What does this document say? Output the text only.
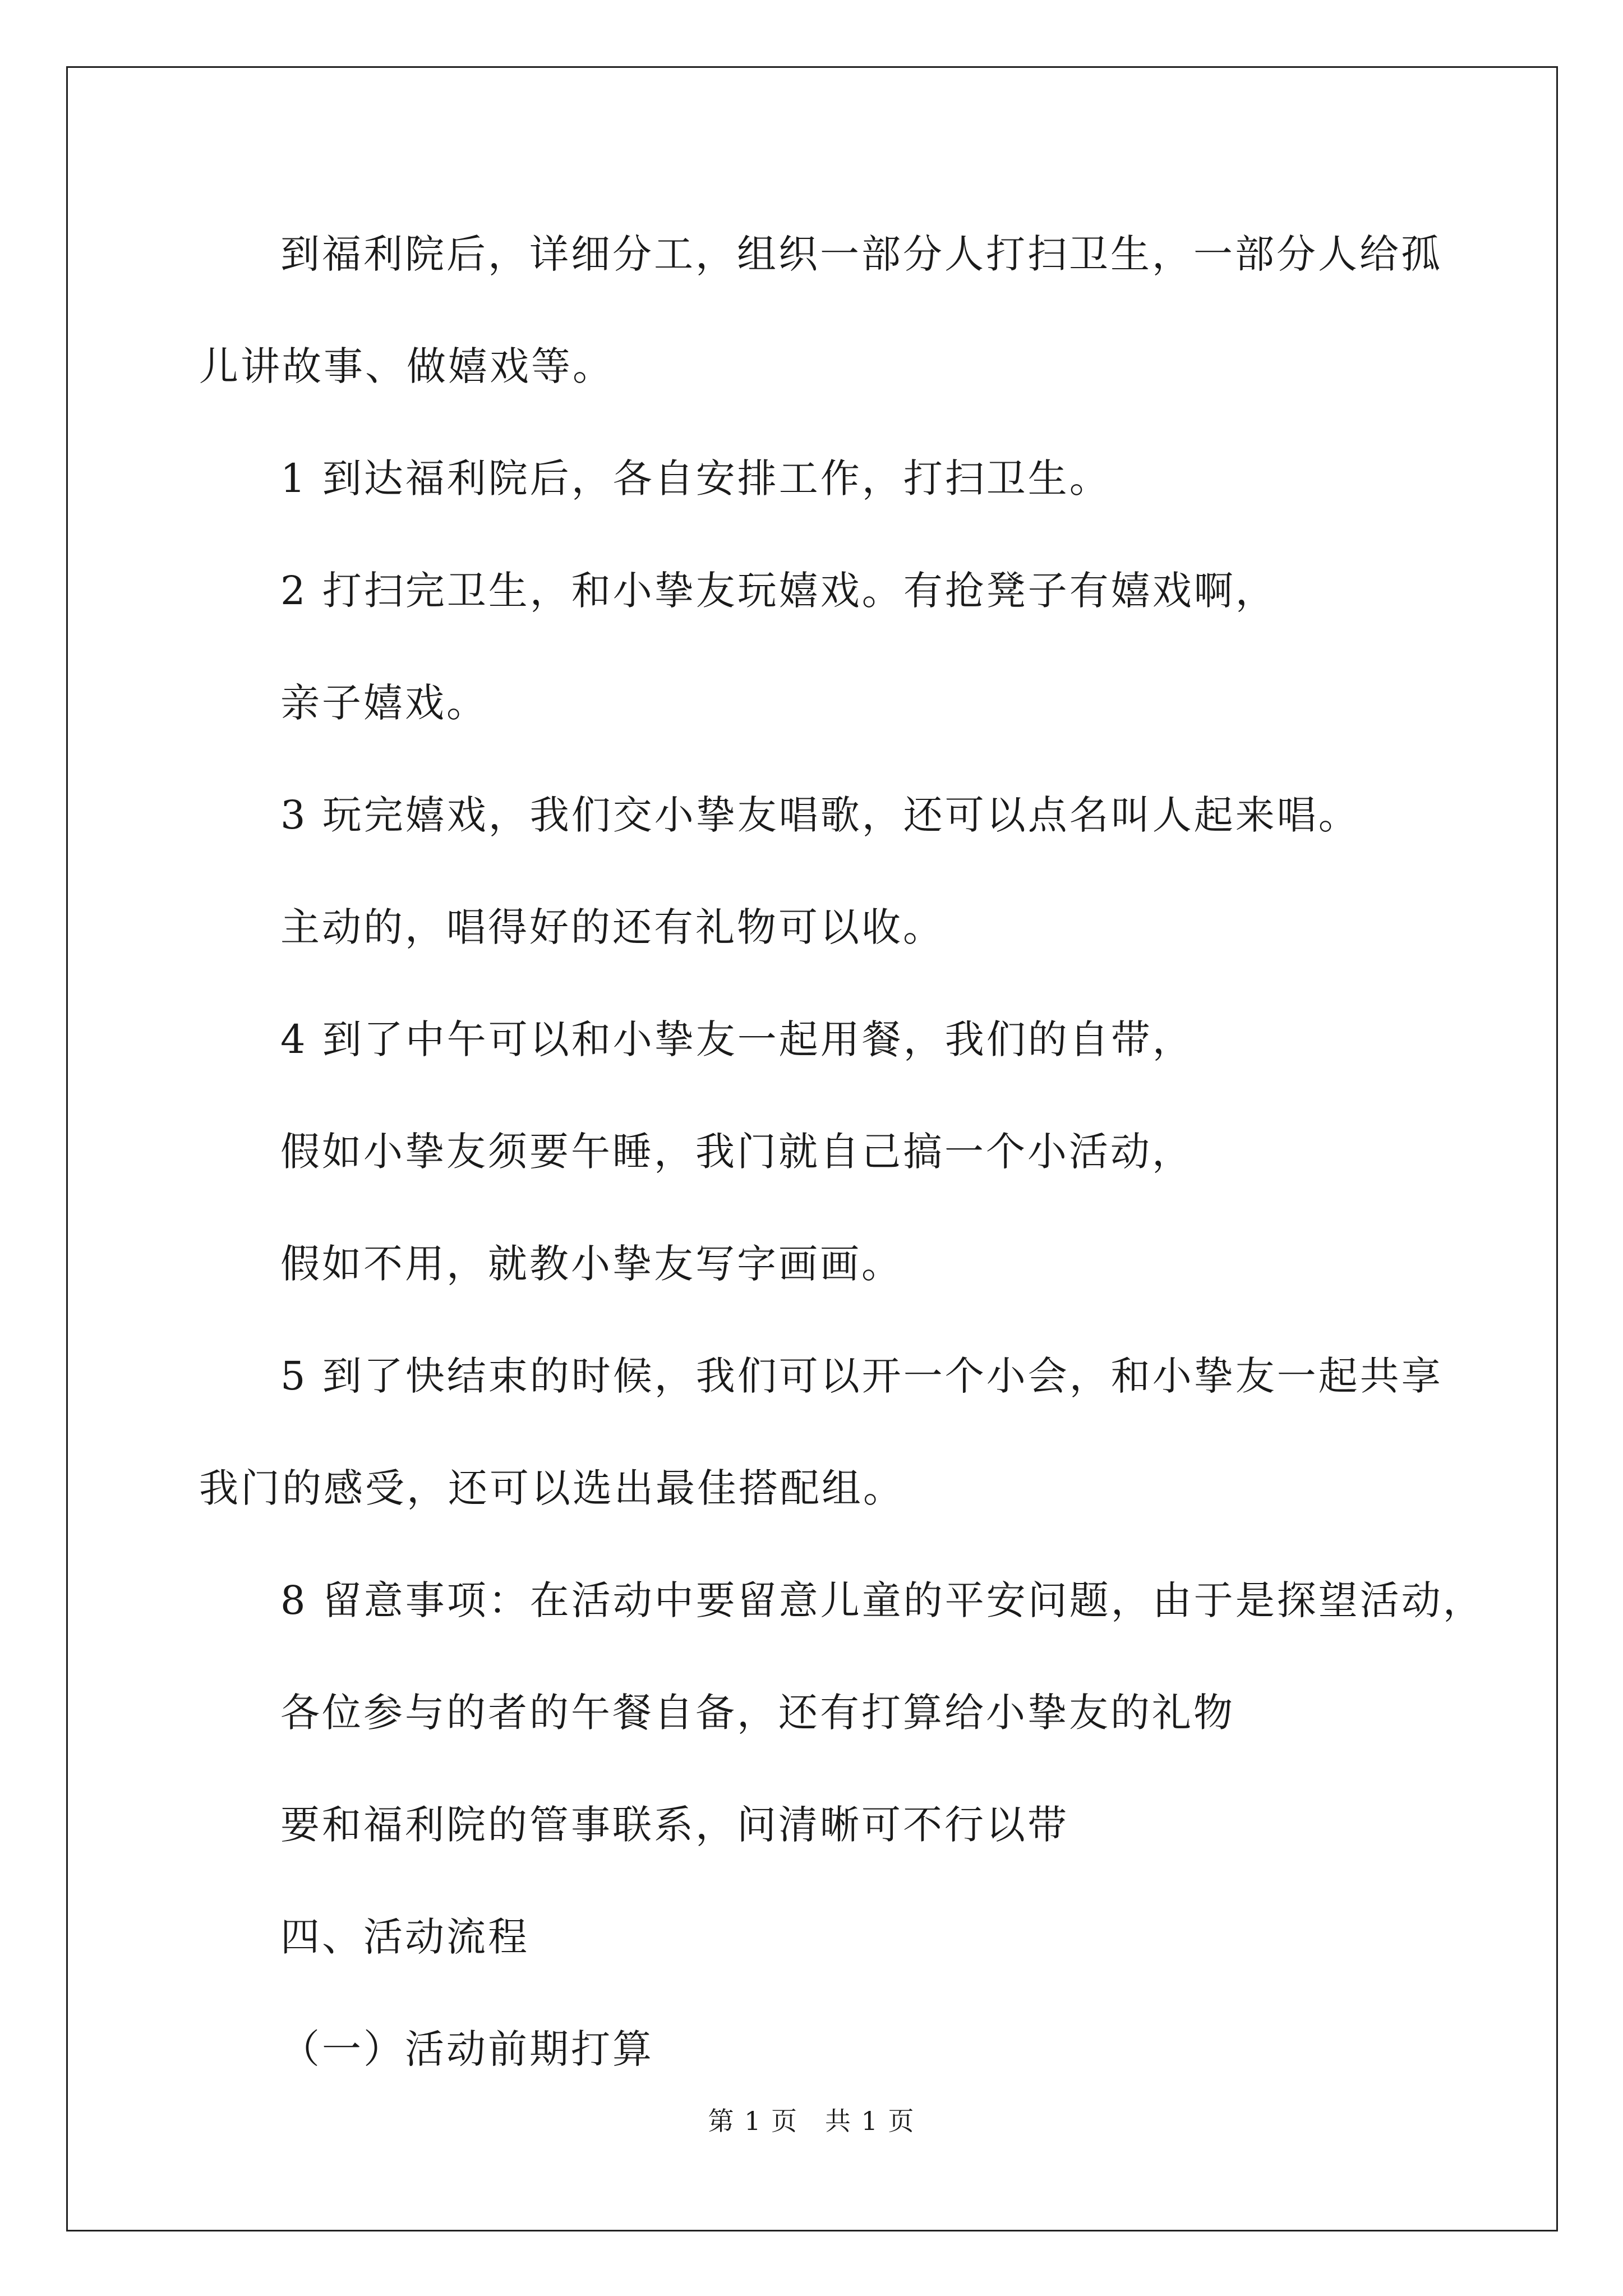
到福利院后，详细分工，组织一部分人打扫卫生，一部分人给孤
儿讲故事、做嬉戏等。
1 到达福利院后，各自安排工作，打扫卫生。
2 打扫完卫生，和小挚友玩嬉戏。有抢凳子有嬉戏啊，
亲子嬉戏。
3 玩完嬉戏，我们交小挚友唱歌，还可以点名叫人起来唱。
主动的，唱得好的还有礼物可以收。
4 到了中午可以和小挚友一起用餐，我们的自带，
假如小挚友须要午睡，我门就自己搞一个小活动，
假如不用，就教小挚友写字画画。
5 到了快结束的时候，我们可以开一个小会，和小挚友一起共享
我门的感受，还可以选出最佳搭配组。
8 留意事项：在活动中要留意儿童的平安问题，由于是探望活动，
各位参与的者的午餐自备，还有打算给小挚友的礼物
要和福利院的管事联系，问清晰可不行以带
第 1 页　共 1 页
四、活动流程
（一）活动前期打算
